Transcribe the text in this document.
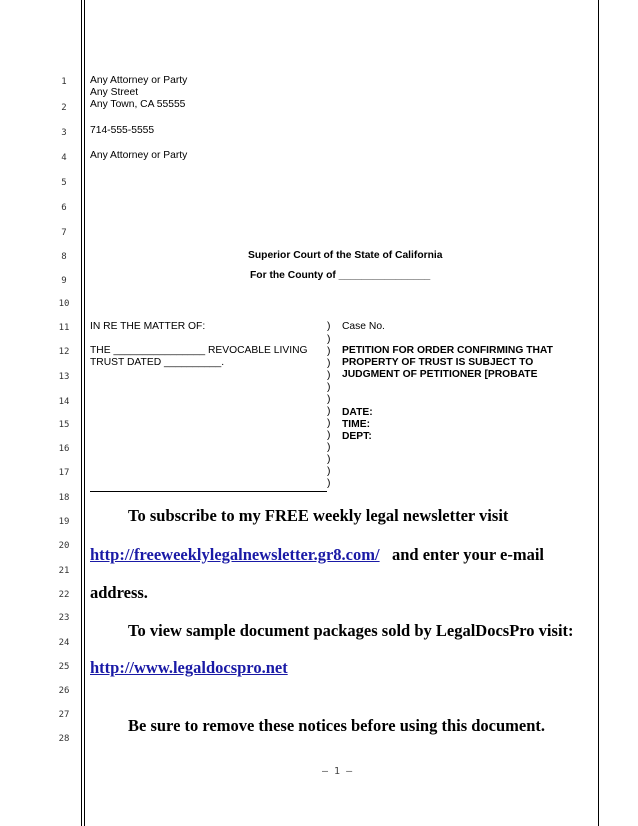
1
2
3
4
5
6
7
8
9
10
11
12
13
14
15
16
17
18
19
20
21
22
23
24
25
26
27
28
Any Attorney or Party
Any Street
Any Town, CA 55555
714-555-5555
Any Attorney or Party
Superior Court of the State of California
For the County of ________________
IN RE THE MATTER OF:
THE ________________ REVOCABLE LIVING
TRUST DATED __________.
)
)
)
)
)
)
)
)
)
)
)
)
)
)
Case No.
PETITION FOR ORDER CONFIRMING THAT
PROPERTY OF TRUST IS SUBJECT TO
JUDGMENT OF PETITIONER [PROBATE
DATE:
TIME:
DEPT:
To subscribe to my FREE weekly legal newsletter visit
http://freeweeklylegalnewsletter.gr8.com/ and enter your e-mail
address.
To view sample document packages sold by LegalDocsPro visit:
http://www.legaldocspro.net
Be sure to remove these notices before using this document.
– 1 –
